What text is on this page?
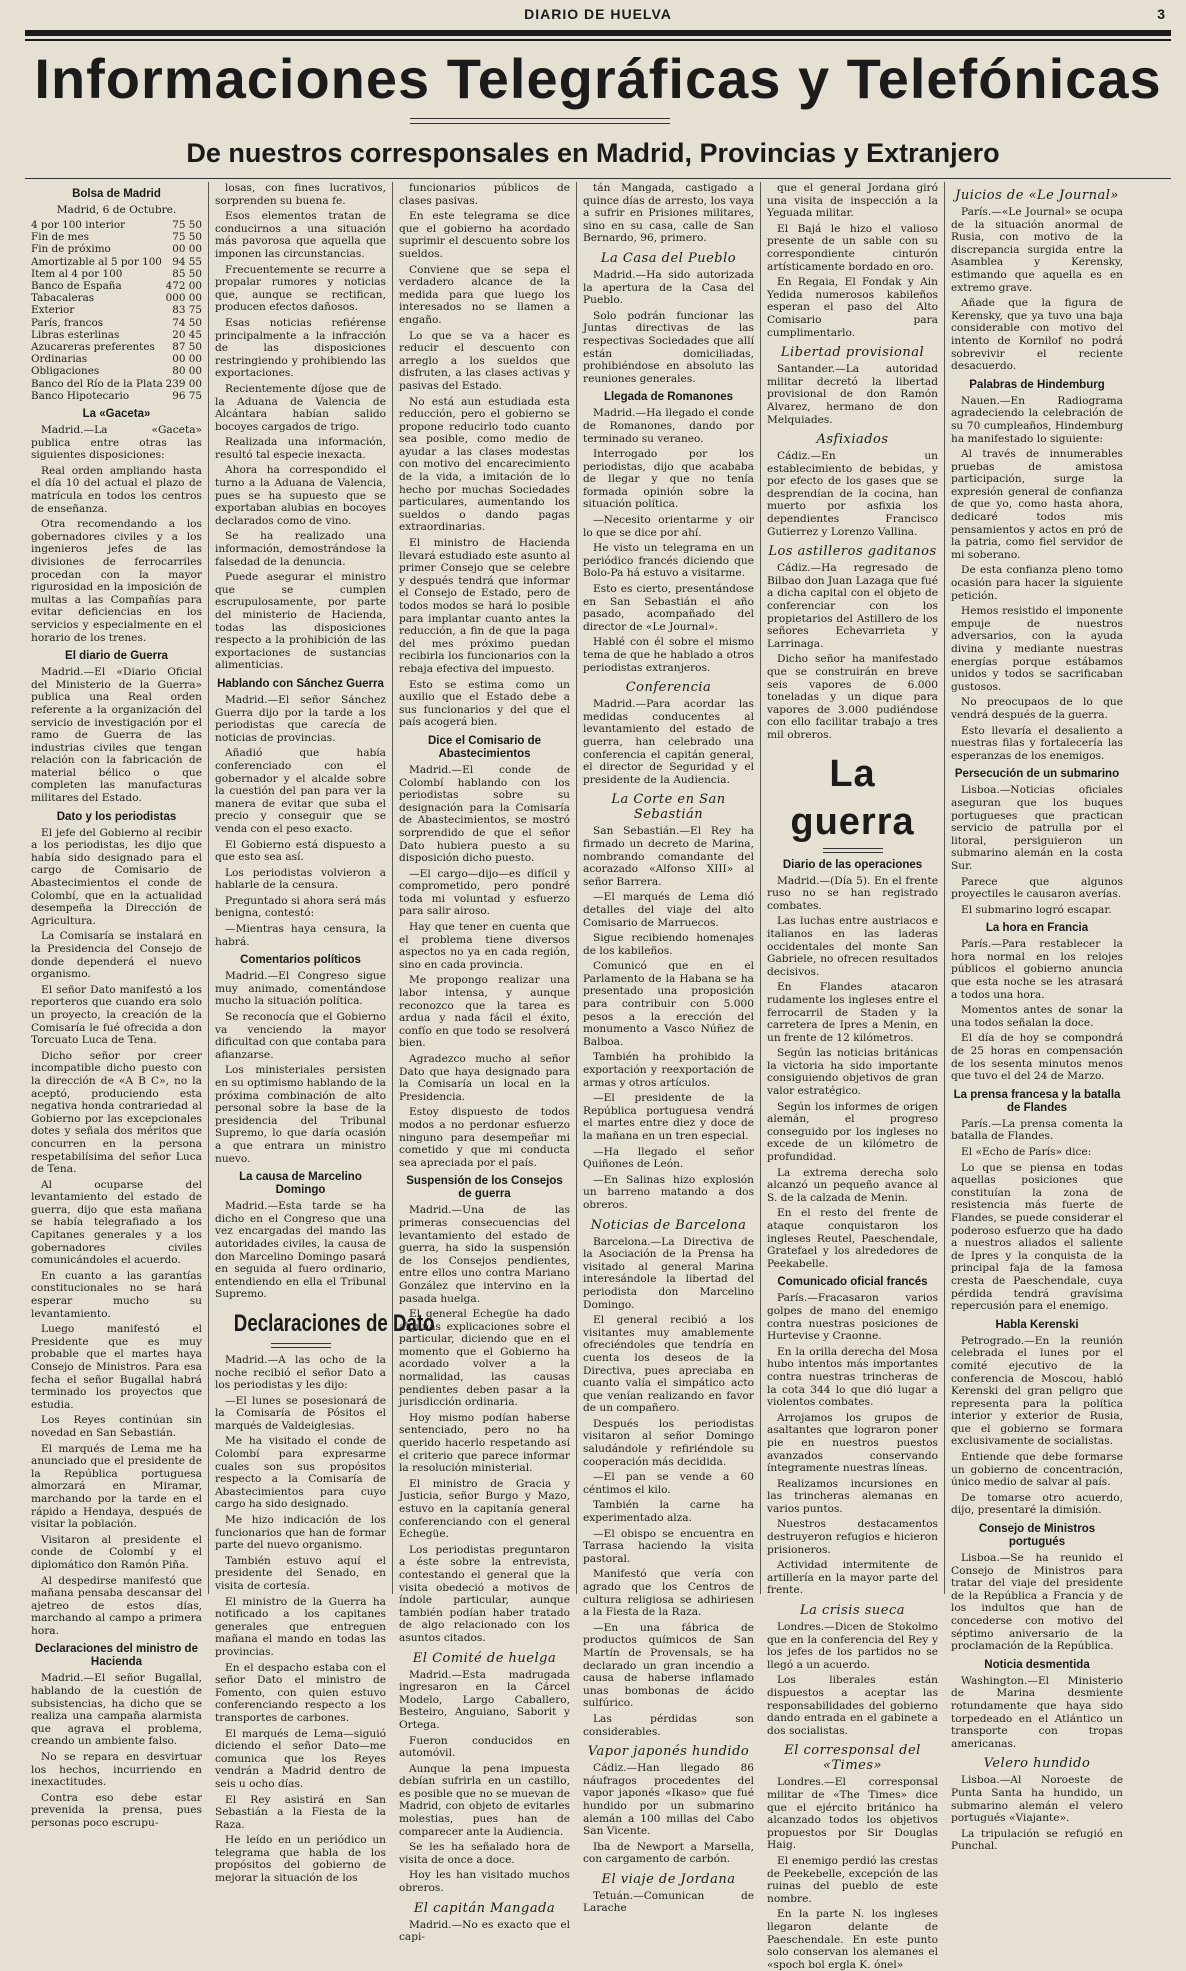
DIARIO DE HUELVA	3
Informaciones Telegráficas y Telefónicas
De nuestros corresponsales en Madrid, Provincias y Extranjero
Bolsa de Madrid
Madrid, 6 de Octubre.
4 por 100 interior	75 50
Fin de mes	75 50
Fin de próximo	00 00
Amortizable al 5 por 100	94 55
Item al 4 por 100	85 50
Banco de España	472 00
Tabacaleras	000 00
Exterior	83 75
París, francos	74 50
Libras esterlinas	20 45
Azucareras preferentes	87 50
Ordinarias	00 00
Obligaciones	80 00
Banco del Río de la Plata	239 00
Banco Hipotecario	96 75
La «Gaceta»

Madrid.—La «Gaceta» publica entre otras las siguientes disposiciones:

Real orden ampliando hasta el día 10 del actual el plazo de matrícula en todos los centros de enseñanza.

Otra recomendando a los gobernadores civiles y a los ingenieros jefes de las divisiones de ferrocarriles procedan con la mayor rigurosidad en la imposición de multas a las Compañías para evitar deficiencias en los servicios y especialmente en el horario de los trenes.

El diario de Guerra

Madrid.—El «Diario Oficial del Ministerio de la Guerra» publica una Real orden referente a la organización del servicio de investigación por el ramo de Guerra de las industrias civiles que tengan relación con la fabricación de material bélico o que completen las manufacturas militares del Estado.

Dato y los periodistas

El jefe del Gobierno al recibir a los periodistas, les dijo que había sido designado para el cargo de Comisario de Abastecimientos el conde de Colombí, que en la actualidad desempeña la Dirección de Agricultura.

La Comisaría se instalará en la Presidencia del Consejo de donde dependerá el nuevo organismo.

El señor Dato manifestó a los reporteros que cuando era solo un proyecto, la creación de la Comisaría le fué ofrecida a don Torcuato Luca de Tena.

Dicho señor por creer incompatible dicho puesto con la dirección de «A B C», no la aceptó, produciendo esta negativa honda contrariedad al Gobierno por las excepcionales dotes y señala dos méritos que concurren en la persona respetabilísima del señor Luca de Tena.

Al ocuparse del levantamiento del estado de guerra, dijo que esta mañana se había telegrafiado a los Capitanes generales y a los gobernadores civiles comunicándoles el acuerdo.

En cuanto a las garantías constitucionales no se hará esperar mucho su levantamiento.

Luego manifestó el Presidente que es muy probable que el martes haya Consejo de Ministros. Para esa fecha el señor Bugallal habrá terminado los proyectos que estudia.

Los Reyes continúan sin novedad en San Sebastián.

El marqués de Lema me ha anunciado que el presidente de la República portuguesa almorzará en Miramar, marchando por la tarde en el rápido a Hendaya, después de visitar la población.

Visitaron al presidente el conde de Colombí y el diplomático don Ramón Piña.

Al despedirse manifestó que mañana pensaba descansar del ajetreo de estos días, marchando al campo a primera hora.

Declaraciones del ministro de Hacienda

Madrid.—El señor Bugallal, hablando de la cuestión de subsistencias, ha dicho que se realiza una campaña alarmista que agrava el problema, creando un ambiente falso.

No se repara en desvirtuar los hechos, incurriendo en inexactitudes.

Contra eso debe estar prevenida la prensa, pues personas poco escrupu-

losas, con fines lucrativos, sorprenden su buena fe.

Esos elementos tratan de conducirnos a una situación más pavorosa que aquella que imponen las circunstancias.

Frecuentemente se recurre a propalar rumores y noticias que, aunque se rectifican, producen efectos dañosos.

Esas noticias refiérense principalmente a la infracción de las disposiciones restringiendo y prohibiendo las exportaciones.

Recientemente díjose que de la Aduana de Valencia de Alcántara habían salido bocoyes cargados de trigo.

Realizada una información, resultó tal especie inexacta.

Ahora ha correspondido el turno a la Aduana de Valencia, pues se ha supuesto que se exportaban alubias en bocoyes declarados como de vino.

Se ha realizado una información, demostrándose la falsedad de la denuncia.

Puede asegurar el ministro que se cumplen escrupulosamente, por parte del ministerio de Hacienda, todas las disposiciones respecto a la prohibición de las exportaciones de sustancias alimenticias.

Hablando con Sánchez Guerra

Madrid.—El señor Sánchez Guerra dijo por la tarde a los periodistas que carecía de noticias de provincias.

Añadió que había conferenciado con el gobernador y el alcalde sobre la cuestión del pan para ver la manera de evitar que suba el precio y conseguir que se venda con el peso exacto.

El Gobierno está dispuesto a que esto sea así.

Los periodistas volvieron a hablarle de la censura.

Preguntado si ahora será más benigna, contestó:

—Mientras haya censura, la habrá.

Comentarios políticos

Madrid.—El Congreso sigue muy animado, comentándose mucho la situación política.

Se reconocía que el Gobierno va venciendo la mayor dificultad con que contaba para afianzarse.

Los ministeriales persisten en su optimismo hablando de la próxima combinación de alto personal sobre la base de la presidencia del Tribunal Supremo, lo que daría ocasión a que entrara un ministro nuevo.

La causa de Marcelino Domingo

Madrid.—Esta tarde se ha dicho en el Congreso que una vez encargadas del mando las autoridades civiles, la causa de don Marcelino Domingo pasará en seguida al fuero ordinario, entendiendo en ella el Tribunal Supremo.

Declaraciones de Dato

Madrid.—A las ocho de la noche recibió el señor Dato a los periodistas y les dijo:

—El lunes se posesionará de la Comisaría de Pósitos el marqués de Valdeiglesias.

Me ha visitado el conde de Colombí para expresarme cuales son sus propósitos respecto a la Comisaría de Abastecimientos para cuyo cargo ha sido designado.

Me hizo indicación de los funcionarios que han de formar parte del nuevo organismo.

También estuvo aquí el presidente del Senado, en visita de cortesía.

El ministro de la Guerra ha notificado a los capitanes generales que entreguen mañana el mando en todas las provincias.

En el despacho estaba con el señor Dato el ministro de Fomento, con quien estuvo conferenciando respecto a los transportes de carbones.

El marqués de Lema—siguió diciendo el señor Dato—me comunica que los Reyes vendrán a Madrid dentro de seis u ocho días.

El Rey asistirá en San Sebastián a la Fiesta de la Raza.

He leído en un periódico un telegrama que habla de los propósitos del gobierno de mejorar la situación de los

funcionarios públicos de clases pasivas.

En este telegrama se dice que el gobierno ha acordado suprimir el descuento sobre los sueldos.

Conviene que se sepa el verdadero alcance de la medida para que luego los interesados no se llamen a engaño.

Lo que se va a hacer es reducir el descuento con arreglo a los sueldos que disfruten, a las clases activas y pasivas del Estado.

No está aun estudiada esta reducción, pero el gobierno se propone reducirlo todo cuanto sea posible, como medio de ayudar a las clases modestas con motivo del encarecimiento de la vida, a imitación de lo hecho por muchas Sociedades particulares, aumentando los sueldos o dando pagas extraordinarias.

El ministro de Hacienda llevará estudiado este asunto al primer Consejo que se celebre y después tendrá que informar el Consejo de Estado, pero de todos modos se hará lo posible para implantar cuanto antes la reducción, a fin de que la paga del mes próximo puedan recibirla los funcionarios con la rebaja efectiva del impuesto.

Esto se estima como un auxilio que el Estado debe a sus funcionarios y del que el país acogerá bien.

Dice el Comisario de Abastecimientos

Madrid.—El conde de Colombí hablando con los periodistas sobre su designación para la Comisaría de Abastecimientos, se mostró sorprendido de que el señor Dato hubiera puesto a su disposición dicho puesto.

—El cargo—dijo—es difícil y comprometido, pero pondré toda mi voluntad y esfuerzo para salir airoso.

Hay que tener en cuenta que el problema tiene diversos aspectos no ya en cada región, sino en cada provincia.

Me propongo realizar una labor intensa, y aunque reconozco que la tarea es ardua y nada fácil el éxito, confío en que todo se resolverá bien.

Agradezco mucho al señor Dato que haya designado para la Comisaría un local en la Presidencia.

Estoy dispuesto de todos modos a no perdonar esfuerzo ninguno para desempeñar mi cometido y que mi conducta sea apreciada por el país.

Suspensión de los Consejos de guerra

Madrid.—Una de las primeras consecuencias del levantamiento del estado de guerra, ha sido la suspensión de los Consejos pendientes, entre ellos uno contra Mariano González que intervino en la pasada huelga.

El general Echegüe ha dado algunas explicaciones sobre el particular, diciendo que en el momento que el Gobierno ha acordado volver a la normalidad, las causas pendientes deben pasar a la jurisdicción ordinaria.

Hoy mismo podían haberse sentenciado, pero no ha querido hacerlo respetando así el criterio que parece informar la resolución ministerial.

El ministro de Gracia y Justicia, señor Burgo y Mazo, estuvo en la capitanía general conferenciando con el general Echegüe.

Los periodistas preguntaron a éste sobre la entrevista, contestando el general que la visita obedeció a motivos de índole particular, aunque también podían haber tratado de algo relacionado con los asuntos citados.

El Comité de huelga

Madrid.—Esta madrugada ingresaron en la Cárcel Modelo, Largo Caballero, Besteiro, Anguiano, Saborit y Ortega.

Fueron conducidos en automóvil.

Aunque la pena impuesta debían sufrirla en un castillo, es posible que no se muevan de Madrid, con objeto de evitarles molestias, pues han de comparecer ante la Audiencia.

Se les ha señalado hora de visita de once a doce.

Hoy les han visitado muchos obreros.

El capitán Mangada

Madrid.—No es exacto que el capi-

tán Mangada, castigado a quince días de arresto, los vaya a sufrir en Prisiones militares, sino en su casa, calle de San Bernardo, 96, primero.

La Casa del Pueblo

Madrid.—Ha sido autorizada la apertura de la Casa del Pueblo.

Solo podrán funcionar las Juntas directivas de las respectivas Sociedades que allí están domiciliadas, prohibiéndose en absoluto las reuniones generales.

Llegada de Romanones

Madrid.—Ha llegado el conde de Romanones, dando por terminado su veraneo.

Interrogado por los periodistas, dijo que acababa de llegar y que no tenía formada opinión sobre la situación política.

—Necesito orientarme y oir lo que se dice por ahí.

He visto un telegrama en un periódico francés diciendo que Bolo-Pa há estuvo a visitarme.

Esto es cierto, presentándose en San Sebastián el año pasado, acompañado del director de «Le Journal».

Hablé con él sobre el mismo tema de que he hablado a otros periodistas extranjeros.

Conferencia

Madrid.—Para acordar las medidas conducentes al levantamiento del estado de guerra, han celebrado una conferencia el capitán general, el director de Seguridad y el presidente de la Audiencia.

La Corte en San Sebastián

San Sebastián.—El Rey ha firmado un decreto de Marina, nombrando comandante del acorazado «Alfonso XIII» al señor Barrera.

—El marqués de Lema dió detalles del viaje del alto Comisario de Marruecos.

Sigue recibiendo homenajes de los kabileños.

Comunicó que en el Parlamento de la Habana se ha presentado una proposición para contribuir con 5.000 pesos a la erección del monumento a Vasco Núñez de Balboa.

También ha prohibido la exportación y reexportación de armas y otros artículos.

—El presidente de la República portuguesa vendrá el martes entre diez y doce de la mañana en un tren especial.

—Ha llegado el señor Quiñones de León.

—En Salinas hizo explosión un barreno matando a dos obreros.

Noticias de Barcelona

Barcelona.—La Directiva de la Asociación de la Prensa ha visitado al general Marina interesándole la libertad del periodista don Marcelino Domingo.

El general recibió a los visitantes muy amablemente ofreciéndoles que tendría en cuenta los deseos de la Directiva, pues apreciaba en cuanto valía el simpático acto que venían realizando en favor de un compañero.

Después los periodistas visitaron al señor Domingo saludándole y refiriéndole su cooperación más decidida.

—El pan se vende a 60 céntimos el kilo.

También la carne ha experimentado alza.

—El obispo se encuentra en Tarrasa haciendo la visita pastoral.

Manifestó que vería con agrado que los Centros de cultura religiosa se adhiriesen a la Fiesta de la Raza.

—En una fábrica de productos químicos de San Martín de Provensals, se ha declarado un gran incendio a causa de haberse inflamado unas bombonas de ácido sulfúrico.

Las pérdidas son considerables.

Vapor japonés hundido

Cádiz.—Han llegado 86 náufragos procedentes del vapor japonés «Ikaso» que fué hundido por un submarino alemán a 100 millas del Cabo San Vicente.

Iba de Newport a Marsella, con cargamento de carbón.

El viaje de Jordana

Tetuán.—Comunican de Larache

que el general Jordana giró una visita de inspección a la Yeguada militar.

El Bajá le hizo el valioso presente de un sable con su correspondiente cinturón artísticamente bordado en oro.

En Regaia, El Fondak y Ain Yedida numerosos kabileños esperan el paso del Alto Comisario para cumplimentarlo.

Libertad provisional

Santander.—La autoridad militar decretó la libertad provisional de don Ramón Alvarez, hermano de don Melquiades.

Asfixiados

Cádiz.—En un establecimiento de bebidas, y por efecto de los gases que se desprendían de la cocina, han muerto por asfixia los dependientes Francisco Gutierrez y Lorenzo Vallina.

Los astilleros gaditanos

Cádiz.—Ha regresado de Bilbao don Juan Lazaga que fué a dicha capital con el objeto de conferenciar con los propietarios del Astillero de los señores Echevarrieta y Larrinaga.

Dicho señor ha manifestado que se construirán en breve seis vapores de 6.000 toneladas y un dique para vapores de 3.000 pudiéndose con ello facilitar trabajo a tres mil obreros.

La guerra
Diario de las operaciones

Madrid.—(Día 5). En el frente ruso no se han registrado combates.

Las luchas entre austriacos e italianos en las laderas occidentales del monte San Gabriele, no ofrecen resultados decisivos.

En Flandes atacaron rudamente los ingleses entre el ferrocarril de Staden y la carretera de Ipres a Menin, en un frente de 12 kilómetros.

Según las noticias británicas la victoria ha sido importante consiguiendo objetivos de gran valor estratégico.

Según los informes de origen alemán, el progreso conseguido por los ingleses no excede de un kilómetro de profundidad.

La extrema derecha solo alcanzó un pequeño avance al S. de la calzada de Menin.

En el resto del frente de ataque conquistaron los ingleses Reutel, Paeschendale, Gratefael y los alrededores de Peekabelle.

Comunicado oficial francés

París.—Fracasaron varios golpes de mano del enemigo contra nuestras posiciones de Hurtevise y Craonne.

En la orilla derecha del Mosa hubo intentos más importantes contra nuestras trincheras de la cota 344 lo que dió lugar a violentos combates.

Arrojamos los grupos de asaltantes que lograron poner pie en nuestros puestos avanzados conservando íntegramente nuestras líneas.

Realizamos incursiones en las trincheras alemanas en varios puntos.

Nuestros destacamentos destruyeron refugios e hicieron prisioneros.

Actividad intermitente de artillería en la mayor parte del frente.

La crisis sueca

Londres.—Dicen de Stokolmo que en la conferencia del Rey y los jefes de los partidos no se llegó a un acuerdo.

Los liberales están dispuestos a aceptar las responsabilidades del gobierno dando entrada en el gabinete a dos socialistas.

El corresponsal del «Times»

Londres.—El corresponsal militar de «The Times» dice que el ejército británico ha alcanzado todos los objetivos propuestos por Sir Douglas Haig.

El enemigo perdió las crestas de Peekebelle, excepción de las ruinas del pueblo de este nombre.

En la parte N. los ingleses llegaron delante de Paeschendale. En este punto solo conservan los alemanes el «spoch bol ergla K. ónel»

Juicios de «Le Journal»

París.—«Le Journal» se ocupa de la situación anormal de Rusia, con motivo de la discrepancia surgida entre la Asamblea y Kerensky, estimando que aquella es en extremo grave.

Añade que la figura de Kerensky, que ya tuvo una baja considerable con motivo del intento de Kornilof no podrá sobrevivir el reciente desacuerdo.

Palabras de Hindemburg

Nauen.—En Radiograma agradeciendo la celebración de su 70 cumpleaños, Hindemburg ha manifestado lo siguiente:

Al través de innumerables pruebas de amistosa participación, surge la expresión general de confianza de que yo, como hasta ahora, dedicaré todos mis pensamientos y actos en pró de la patria, como fiel servidor de mi soberano.

De esta confianza pleno tomo ocasión para hacer la siguiente petición.

Hemos resistido el imponente empuje de nuestros adversarios, con la ayuda divina y mediante nuestras energías porque estábamos unidos y todos se sacrificaban gustosos.

No preocupaos de lo que vendrá después de la guerra.

Esto llevaría el desaliento a nuestras filas y fortalecería las esperanzas de los enemigos.

Persecución de un submarino

Lisboa.—Noticias oficiales aseguran que los buques portugueses que practican servicio de patrulla por el litoral, persiguieron un submarino alemán en la costa Sur.

Parece que algunos proyectiles le causaron averías.

El submarino logró escapar.

La hora en Francia

París.—Para restablecer la hora normal en los relojes públicos el gobierno anuncia que esta noche se les atrasará a todos una hora.

Momentos antes de sonar la una todos señalan la doce.

El día de hoy se compondrá de 25 horas en compensación de los sesenta minutos menos que tuvo el del 24 de Marzo.

La prensa francesa y la batalla de Flandes

París.—La prensa comenta la batalla de Flandes.

El «Echo de París» dice:

Lo que se piensa en todas aquellas posiciones que constituían la zona de resistencia más fuerte de Flandes, se puede considerar el poderoso esfuerzo que ha dado a nuestros aliados el saliente de Ipres y la conquista de la principal faja de la famosa cresta de Paeschendale, cuya pérdida tendrá gravísima repercusión para el enemigo.

Habla Kerenski

Petrogrado.—En la reunión celebrada el lunes por el comité ejecutivo de la conferencia de Moscou, habló Kerenski del gran peligro que representa para la política interior y exterior de Rusia, que el gobierno se formara exclusivamente de socialistas.

Entiende que debe formarse un gobierno de concentración, único medio de salvar al país.

De tomarse otro acuerdo, dijo, presentaré la dimisión.

Consejo de Ministros portugués

Lisboa.—Se ha reunido el Consejo de Ministros para tratar del viaje del presidente de la República a Francia y de los indultos que han de concederse con motivo del séptimo aniversario de la proclamación de la República.

Noticia desmentida

Washington.—El Ministerio de Marina desmiente rotundamente que haya sido torpedeado en el Atlántico un transporte con tropas americanas.

Velero hundido

Lisboa.—Al Noroeste de Punta Santa ha hundido, un submarino alemán el velero portugués «Viajante».

La tripulación se refugió en Punchal.
